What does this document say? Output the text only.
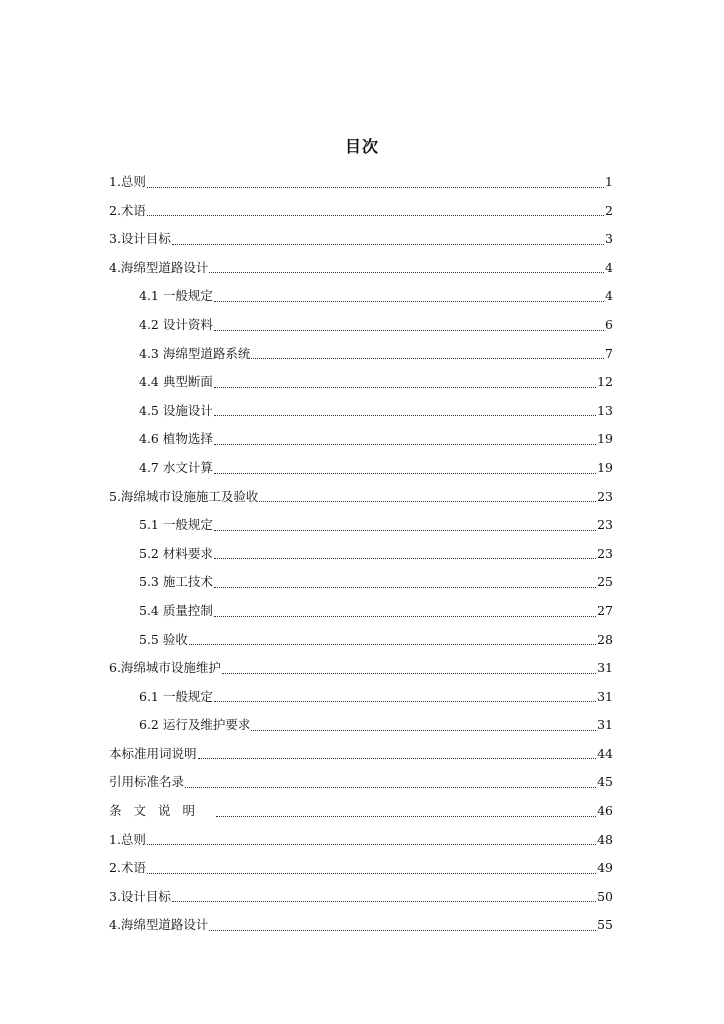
目次
1.总则	1
2.术语	2
3.设计目标	3
4.海绵型道路设计	4
4.1 一般规定	4
4.2 设计资料	6
4.3 海绵型道路系统	7
4.4 典型断面	12
4.5 设施设计	13
4.6 植物选择	19
4.7 水文计算	19
5.海绵城市设施施工及验收	23
5.1 一般规定	23
5.2 材料要求	23
5.3 施工技术	25
5.4 质量控制	27
5.5 验收	28
6.海绵城市设施维护	31
6.1 一般规定	31
6.2 运行及维护要求	31
本标准用词说明	44
引用标准名录	45
条文说明	46
1.总则	48
2.术语	49
3.设计目标	50
4.海绵型道路设计	55
